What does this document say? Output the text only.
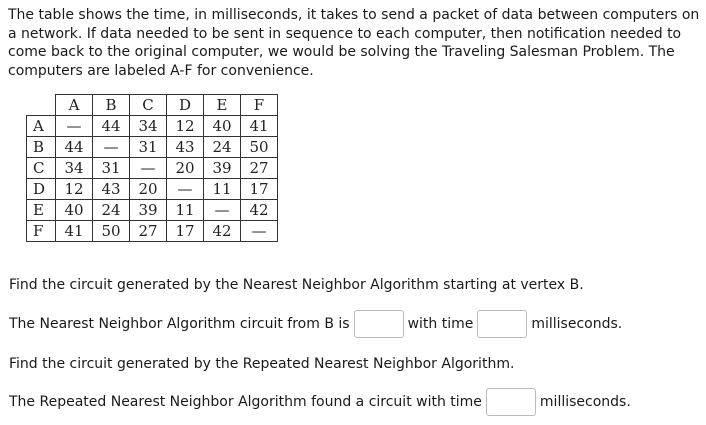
The table shows the time, in milliseconds, it takes to send a packet of data between computers on a network. If data needed to be sent in sequence to each computer, then notification needed to come back to the original computer, we would be solving the Traveling Salesman Problem. The computers are labeled A-F for convenience.
	A	B	C	D	E	F
A	—	44	34	12	40	41
B	44	—	31	43	24	50
C	34	31	—	20	39	27
D	12	43	20	—	11	17
E	40	24	39	11	—	42
F	41	50	27	17	42	—
Find the circuit generated by the Nearest Neighbor Algorithm starting at vertex B.
The Nearest Neighbor Algorithm circuit from B is	with time	milliseconds.
Find the circuit generated by the Repeated Nearest Neighbor Algorithm.
The Repeated Nearest Neighbor Algorithm found a circuit with time	milliseconds.
